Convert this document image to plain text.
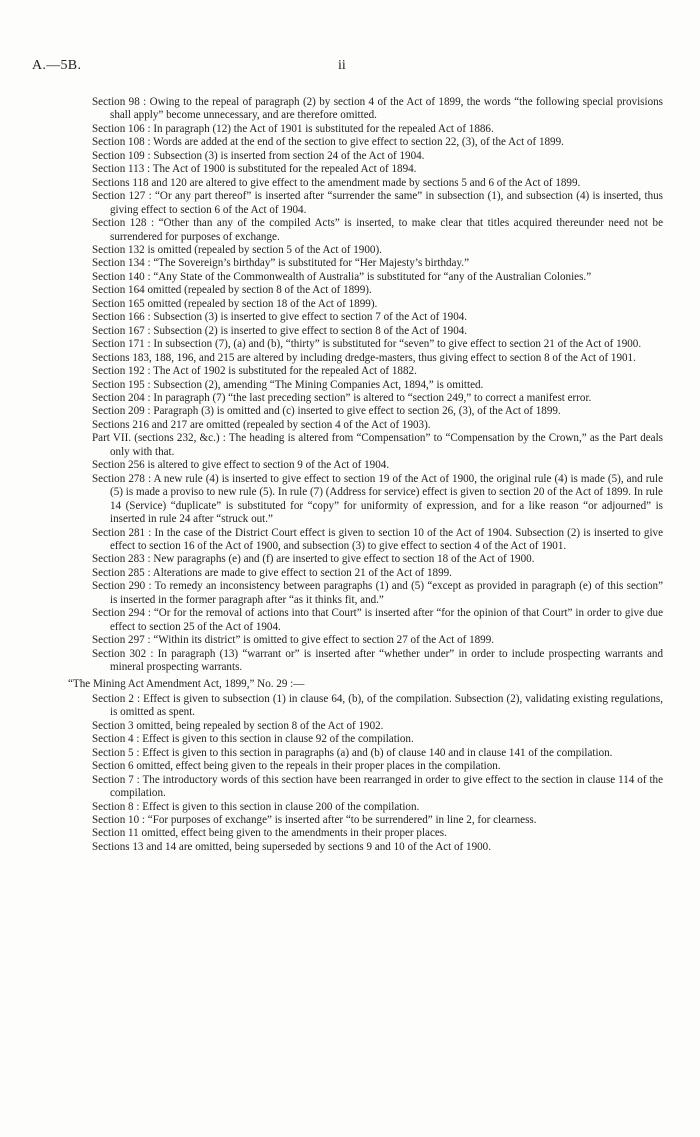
A.—5B.	ii

Section 98 : Owing to the repeal of paragraph (2) by section 4 of the Act of 1899, the words “the following special provisions shall apply” become unnecessary, and are therefore omitted.

Section 106 : In paragraph (12) the Act of 1901 is substituted for the repealed Act of 1886.

Section 108 : Words are added at the end of the section to give effect to section 22, (3), of the Act of 1899.

Section 109 : Subsection (3) is inserted from section 24 of the Act of 1904.

Section 113 : The Act of 1900 is substituted for the repealed Act of 1894.

Sections 118 and 120 are altered to give effect to the amendment made by sections 5 and 6 of the Act of 1899.

Section 127 : “Or any part thereof” is inserted after “surrender the same” in subsection (1), and subsection (4) is inserted, thus giving effect to section 6 of the Act of 1904.

Section 128 : “Other than any of the compiled Acts” is inserted, to make clear that titles acquired thereunder need not be surrendered for purposes of exchange.

Section 132 is omitted (repealed by section 5 of the Act of 1900).

Section 134 : “The Sovereign’s birthday” is substituted for “Her Majesty’s birthday.”

Section 140 : “Any State of the Commonwealth of Australia” is substituted for “any of the Australian Colonies.”

Section 164 omitted (repealed by section 8 of the Act of 1899).

Section 165 omitted (repealed by section 18 of the Act of 1899).

Section 166 : Subsection (3) is inserted to give effect to section 7 of the Act of 1904.

Section 167 : Subsection (2) is inserted to give effect to section 8 of the Act of 1904.

Section 171 : In subsection (7), (a) and (b), “thirty” is substituted for “seven” to give effect to section 21 of the Act of 1900.

Sections 183, 188, 196, and 215 are altered by including dredge-masters, thus giving effect to section 8 of the Act of 1901.

Section 192 : The Act of 1902 is substituted for the repealed Act of 1882.

Section 195 : Subsection (2), amending “The Mining Companies Act, 1894,” is omitted.

Section 204 : In paragraph (7) “the last preceding section” is altered to “section 249,” to correct a manifest error.

Section 209 : Paragraph (3) is omitted and (c) inserted to give effect to section 26, (3), of the Act of 1899.

Sections 216 and 217 are omitted (repealed by section 4 of the Act of 1903).

Part VII. (sections 232, &c.) : The heading is altered from “Compensation” to “Compensation by the Crown,” as the Part deals only with that.

Section 256 is altered to give effect to section 9 of the Act of 1904.

Section 278 : A new rule (4) is inserted to give effect to section 19 of the Act of 1900, the original rule (4) is made (5), and rule (5) is made a proviso to new rule (5). In rule (7) (Address for service) effect is given to section 20 of the Act of 1899. In rule 14 (Service) “duplicate” is substituted for “copy” for uniformity of expression, and for a like reason “or adjourned” is inserted in rule 24 after “struck out.”

Section 281 : In the case of the District Court effect is given to section 10 of the Act of 1904. Subsection (2) is inserted to give effect to section 16 of the Act of 1900, and subsection (3) to give effect to section 4 of the Act of 1901.

Section 283 : New paragraphs (e) and (f) are inserted to give effect to section 18 of the Act of 1900.

Section 285 : Alterations are made to give effect to section 21 of the Act of 1899.

Section 290 : To remedy an inconsistency between paragraphs (1) and (5) “except as provided in paragraph (e) of this section” is inserted in the former paragraph after “as it thinks fit, and.”

Section 294 : “Or for the removal of actions into that Court” is inserted after “for the opinion of that Court” in order to give due effect to section 25 of the Act of 1904.

Section 297 : “Within its district” is omitted to give effect to section 27 of the Act of 1899.

Section 302 : In paragraph (13) “warrant or” is inserted after “whether under” in order to include prospecting warrants and mineral prospecting warrants.

“The Mining Act Amendment Act, 1899,” No. 29 :—

Section 2 : Effect is given to subsection (1) in clause 64, (b), of the compilation. Subsection (2), validating existing regulations, is omitted as spent.

Section 3 omitted, being repealed by section 8 of the Act of 1902.

Section 4 : Effect is given to this section in clause 92 of the compilation.

Section 5 : Effect is given to this section in paragraphs (a) and (b) of clause 140 and in clause 141 of the compilation.

Section 6 omitted, effect being given to the repeals in their proper places in the compilation.

Section 7 : The introductory words of this section have been rearranged in order to give effect to the section in clause 114 of the compilation.

Section 8 : Effect is given to this section in clause 200 of the compilation.

Section 10 : “For purposes of exchange” is inserted after “to be surrendered” in line 2, for clearness.

Section 11 omitted, effect being given to the amendments in their proper places.

Sections 13 and 14 are omitted, being superseded by sections 9 and 10 of the Act of 1900.
